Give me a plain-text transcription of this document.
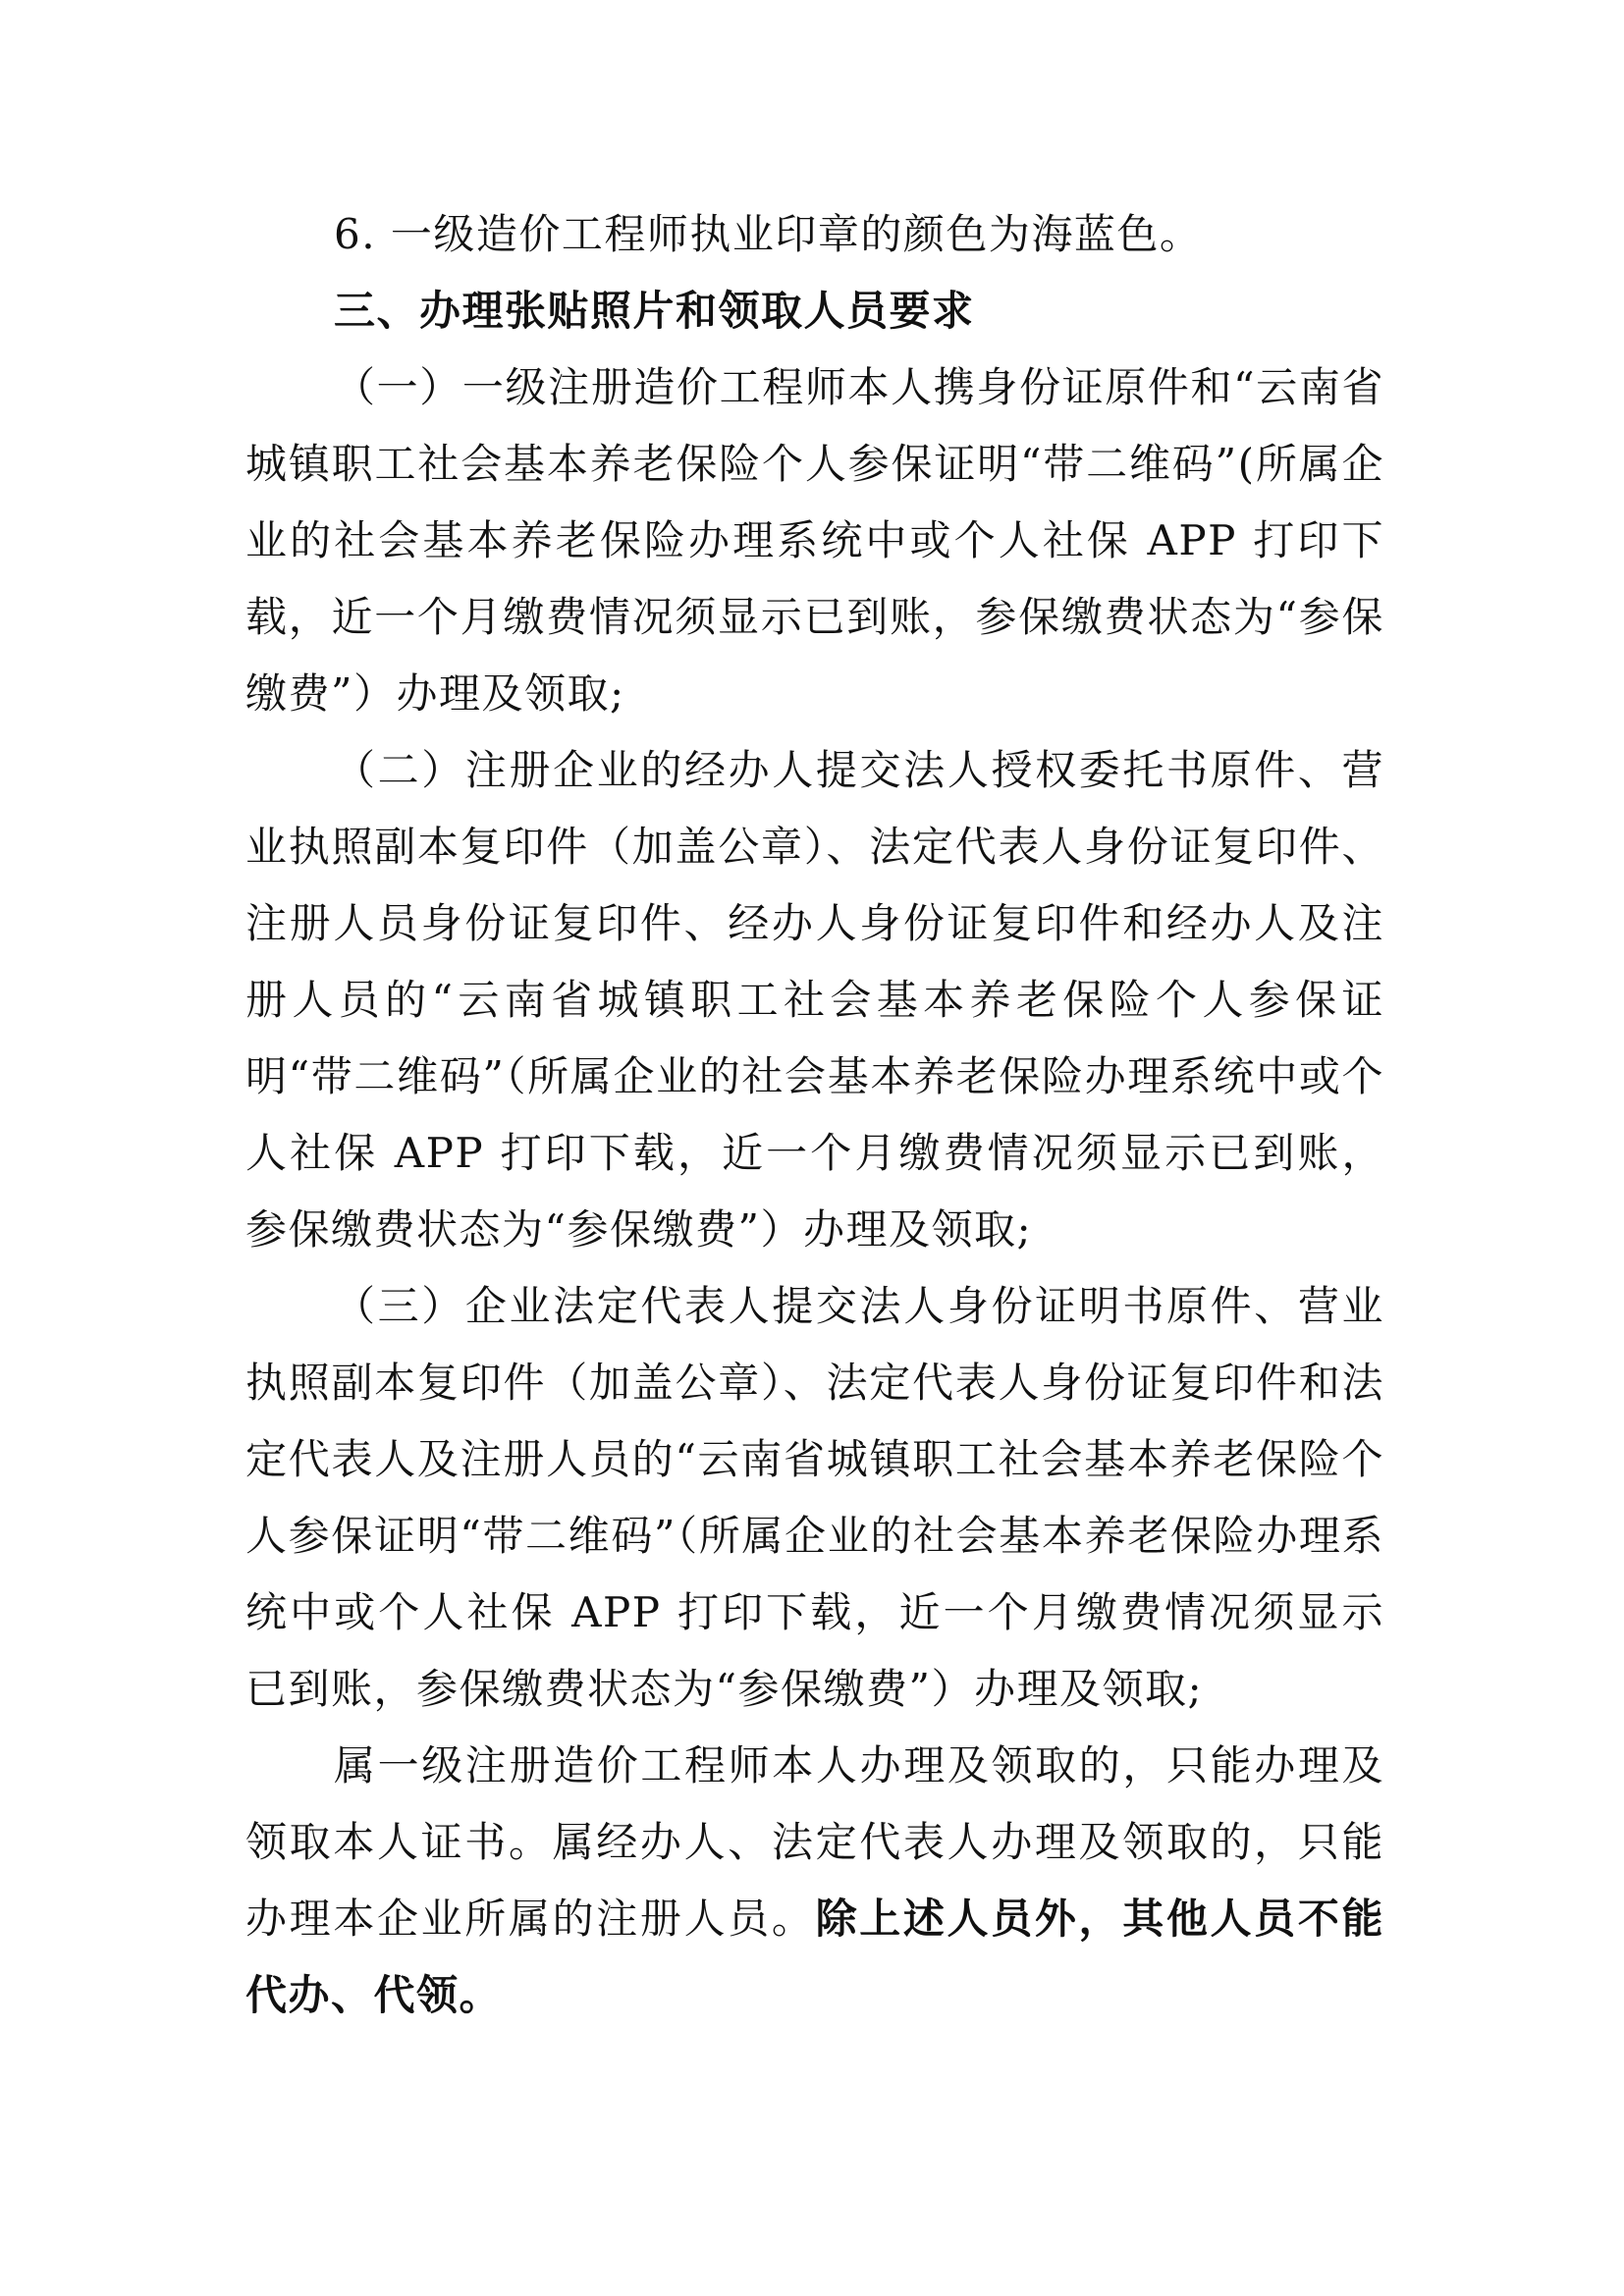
6. 一级造价工程师执业印章的颜色为海蓝色。

三、办理张贴照片和领取人员要求

（一）一级注册造价工程师本人携身份证原件和“云南省城镇职工社会基本养老保险个人参保证明“带二维码”(所属企业的社会基本养老保险办理系统中或个人社保 APP 打印下载，近一个月缴费情况须显示已到账，参保缴费状态为“参保缴费”）办理及领取;

（二）注册企业的经办人提交法人授权委托书原件、营业执照副本复印件（加盖公章）、法定代表人身份证复印件、注册人员身份证复印件、经办人身份证复印件和经办人及注册人员的“云南省城镇职工社会基本养老保险个人参保证明“带二维码”（所属企业的社会基本养老保险办理系统中或个人社保 APP 打印下载，近一个月缴费情况须显示已到账，参保缴费状态为“参保缴费”）办理及领取;

（三）企业法定代表人提交法人身份证明书原件、营业执照副本复印件（加盖公章）、法定代表人身份证复印件和法定代表人及注册人员的“云南省城镇职工社会基本养老保险个人参保证明“带二维码”（所属企业的社会基本养老保险办理系统中或个人社保 APP 打印下载，近一个月缴费情况须显示已到账，参保缴费状态为“参保缴费”）办理及领取;

属一级注册造价工程师本人办理及领取的，只能办理及领取本人证书。属经办人、法定代表人办理及领取的，只能办理本企业所属的注册人员。除上述人员外，其他人员不能代办、代领。
